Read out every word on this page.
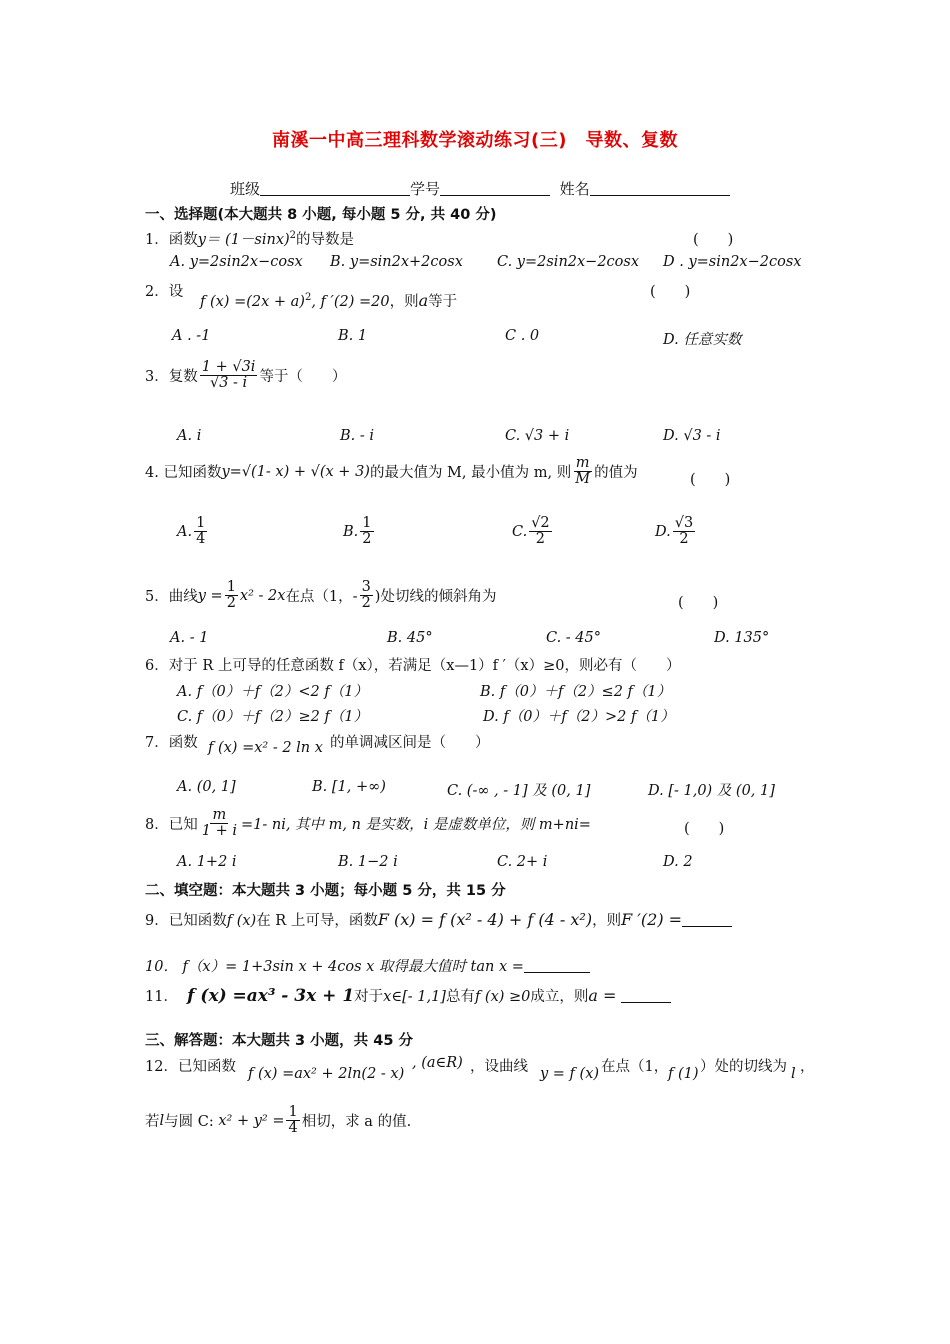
南溪一中高三理科数学滚动练习(三)　导数、复数
班级	学号	姓名
一、选择题(本大题共 8 小题, 每小题 5 分, 共 40 分)
1．函数$y= (1-\sin x)^2$的导数是	(　　)
A. y=2sin2x−cosx B. y=sin2x+2cosx C. y=2sin2x−2cosx D . y=sin2x−2cosx
2．设
f $(x) =(2x + a)^2$, f ′(2) =20，则a等于
(　　)
A . -1	B. 1	C . 0	D. 任意实数
3．复数 $\frac{1 + √3i}{√3 - i}$ 等于（　　）
A. i	B. - i	C. √3 + i	D. √3 - i
4. 已知函数 y=√(1- x) + √(x + 3) 的最大值为 M, 最小值为 m, 则 $\frac{m}{M}$ 的值为	(　　)
A. $\frac{1}{4}$	B. $\frac{1}{2}$	C. $\frac{√2}{2}$	D. $\frac{√3}{2}$
5．曲线 $y = \frac{1}{2} x^2 - 2x$ 在点（1，- $\frac{3}{2}$ )处切线的倾斜角为	(　　)
A. - 1	B. 45°	C. - 45°	D. 135°
6．对于 R 上可导的任意函数 f（x），若满足（x—1）f ′（x）≥0，则必有（　　）
A. f（0）＋f（2）<2 f（1）	B. f（0）＋f（2）≤2 f（1）
C. f（0）＋f（2）≥2 f（1）	D. f（0）＋f（2）>2 f（1）
7．函数 f (x) =x² - 2 ln x 的单调减区间是（　　）
A. (0, 1]	B. [1, +∞)	C. (-∞ , - 1] 及 (0, 1]	D. [- 1,0) 及 (0, 1]
8．已知 $\frac{m}{1 + i} =1-$ ni, 其中 m, n 是实数，i 是虚数单位，则 m+ni=	(　　)
A. 1+2 i	B. 1−2 i	C. 2+ i	D. 2
二、填空题：本大题共 3 小题；每小题 5 分，共 15 分
9．已知函数f (x)在 R 上可导，函数F (x) = f (x² - 4) + f (4 - x²)，则F ′(2) =
10． f（x）= 1+3sin x + 4cos x 取得最大值时 tan x =
11． f (x) =ax³ - 3x + 1对于x∈[- 1,1]总有f (x) ≥0成立，则a =
三、解答题：本大题共 3 小题，共 45 分
12．已知函数 f (x) =ax² + 2ln(2 - x)
, (a∈R) ，设曲线 y = f (x) 在点（1， f (1) ）处的切线为 l ，
若 l 与圆 C:
$x^2 + y^2 = \frac{1}{4}$ 相切，求 a 的值.
